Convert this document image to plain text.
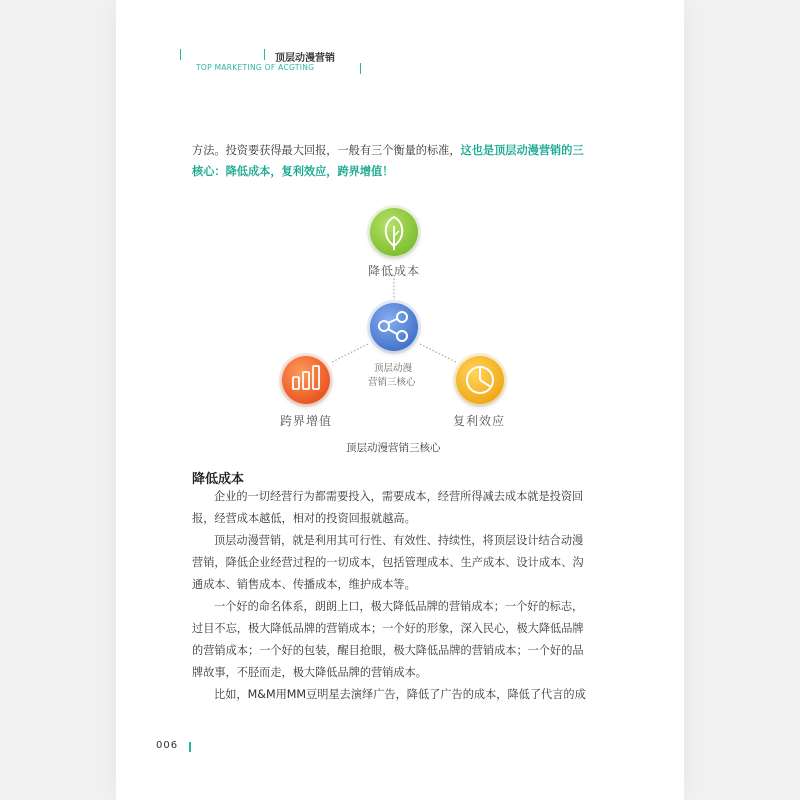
顶层动漫营销
TOP MARKETING OF ACGTING
方法。投资要获得最大回报，一般有三个衡量的标准，这也是顶层动漫营销的三
核心：降低成本，复利效应，跨界增值！
降低成本
顶层动漫
营销三核心
跨界增值	复利效应
顶层动漫营销三核心
降低成本
企业的一切经营行为都需要投入，需要成本，经营所得减去成本就是投资回
报，经营成本越低，相对的投资回报就越高。
顶层动漫营销，就是利用其可行性、有效性、持续性，将顶层设计结合动漫
营销，降低企业经营过程的一切成本，包括管理成本、生产成本、设计成本、沟
通成本、销售成本、传播成本，维护成本等。
一个好的命名体系，朗朗上口，极大降低品牌的营销成本；一个好的标志，
过目不忘，极大降低品牌的营销成本；一个好的形象，深入民心，极大降低品牌
的营销成本；一个好的包装，醒目抢眼，极大降低品牌的营销成本；一个好的品
牌故事，不胫而走，极大降低品牌的营销成本。
比如，M&M用MM豆明星去演绎广告，降低了广告的成本，降低了代言的成
006
